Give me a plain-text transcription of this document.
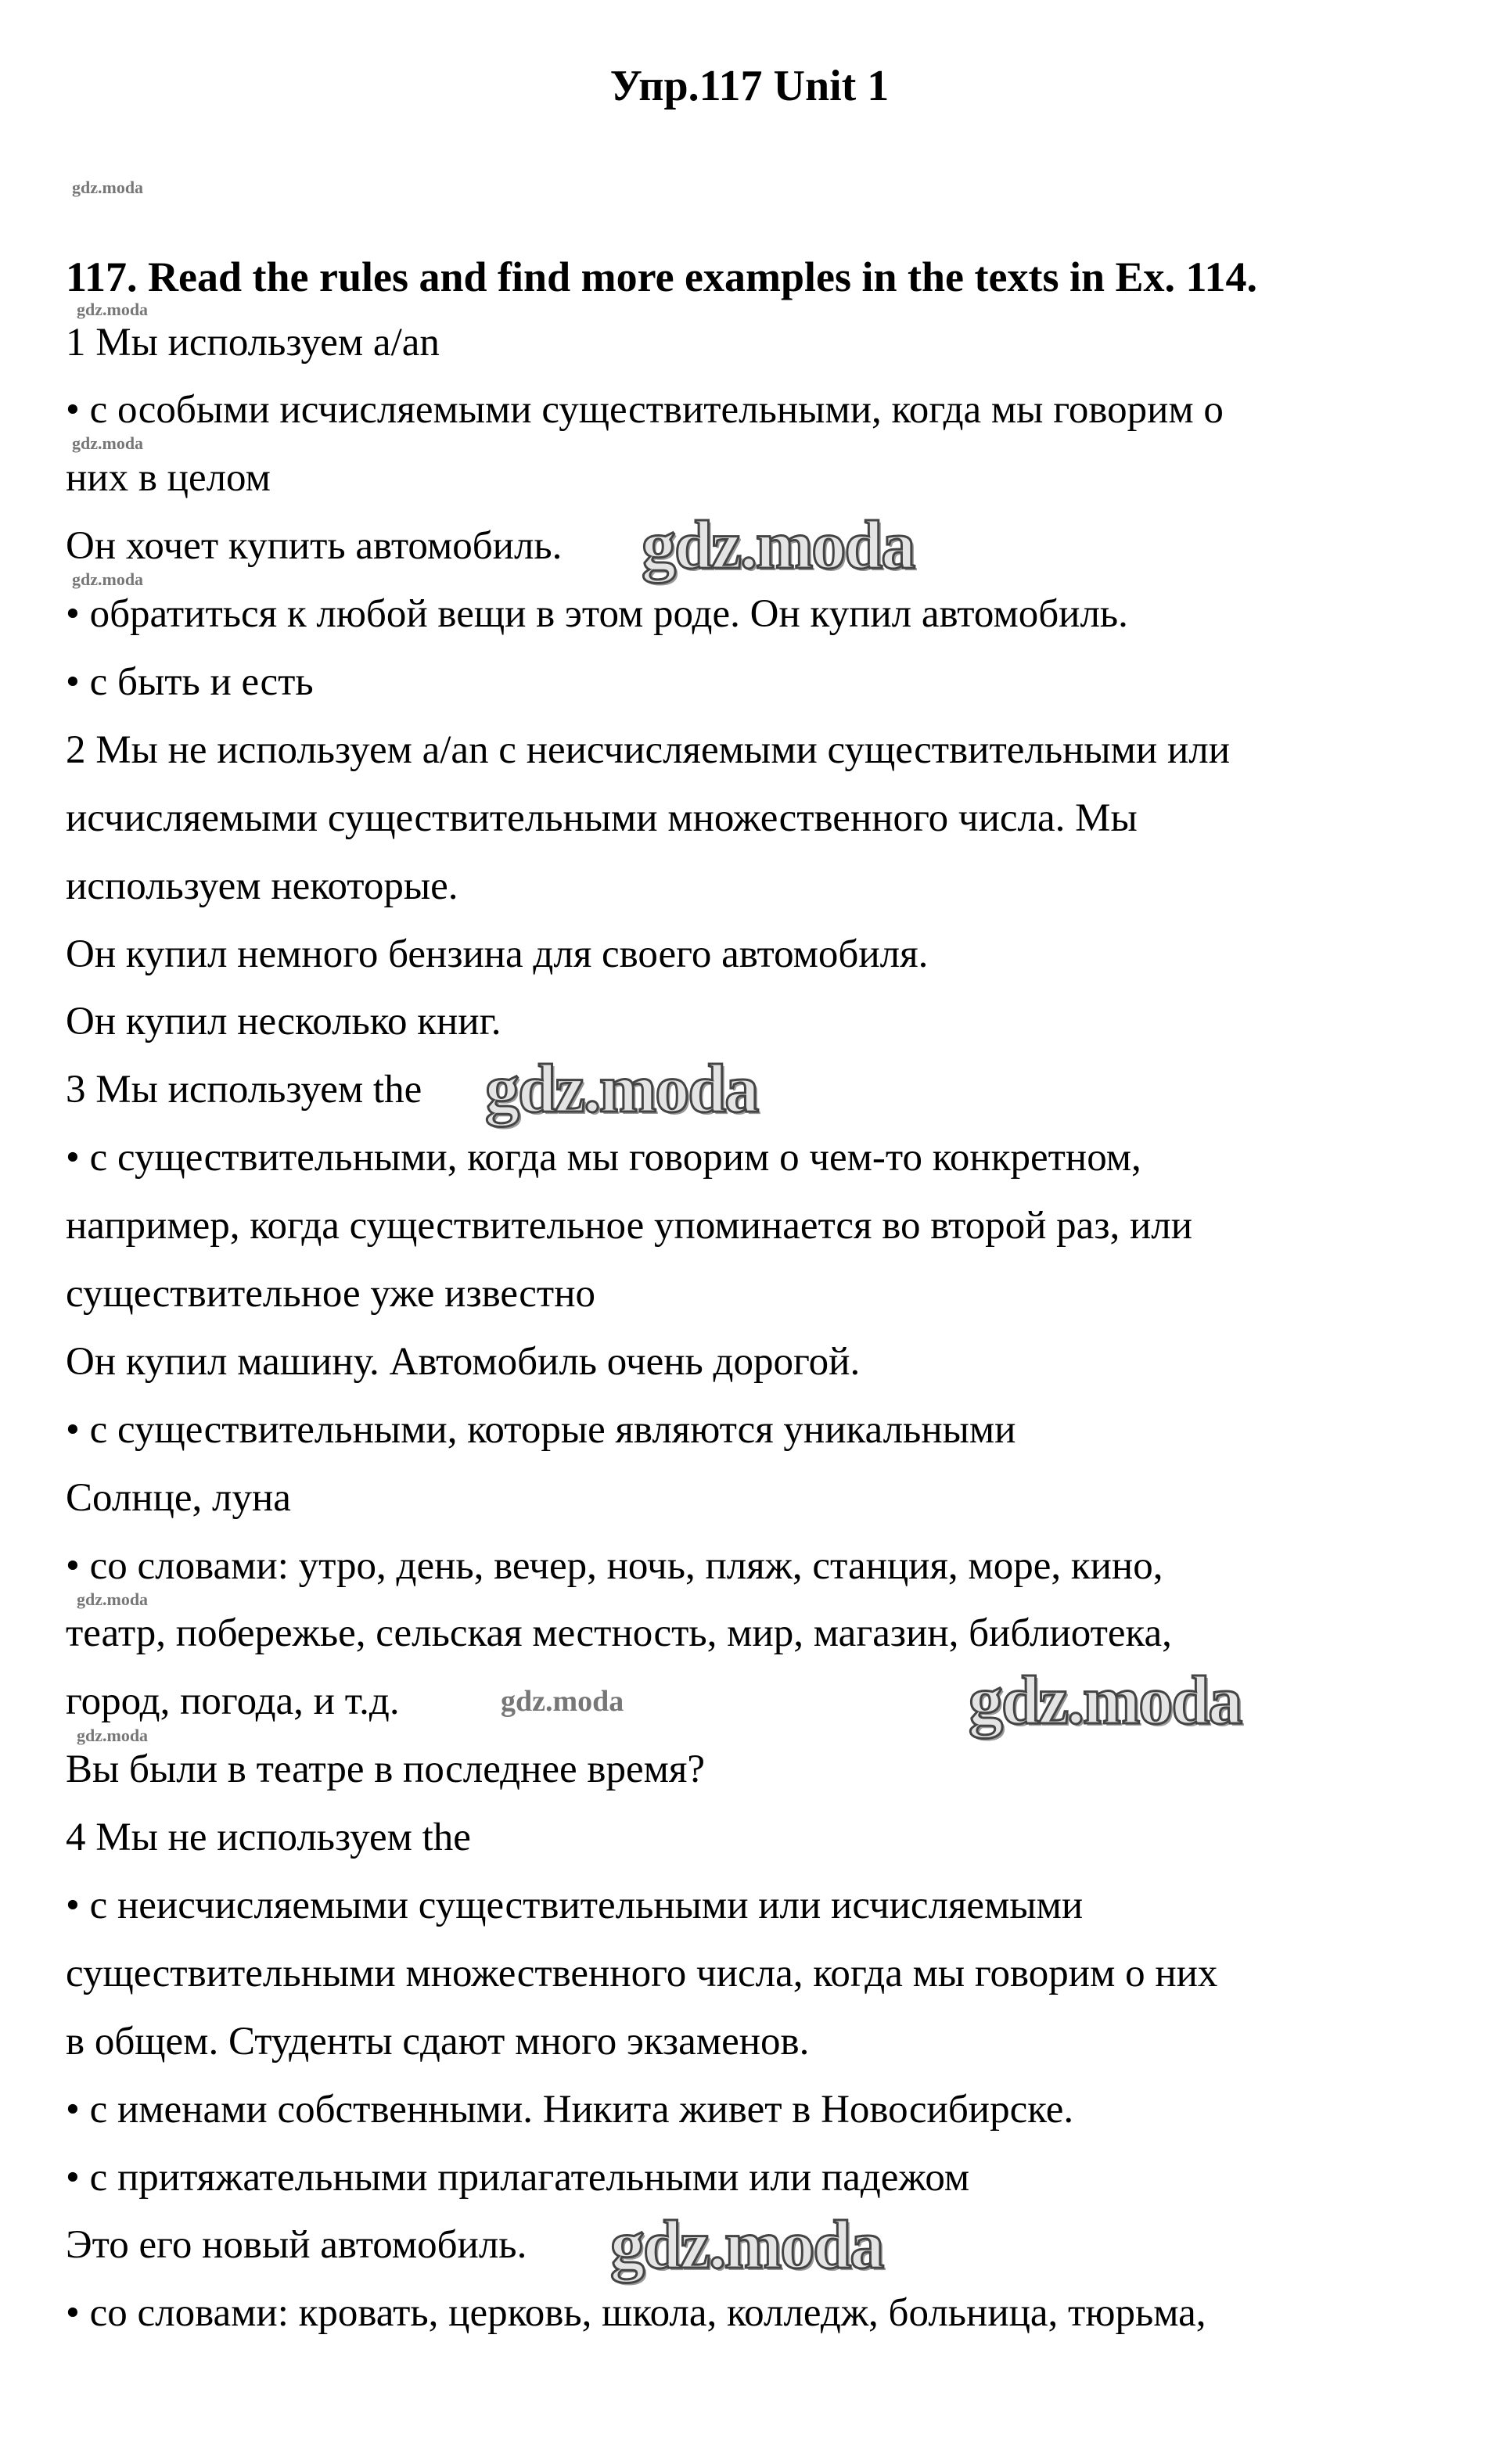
Упр.117 Unit 1
117. Read the rules and find more examples in the texts in Ex. 114.
1 Мы используем a/an
• с особыми исчисляемыми существительными, когда мы говорим о
них в целом
Он хочет купить автомобиль.
• обратиться к любой вещи в этом роде. Он купил автомобиль.
• с быть и есть
2 Мы не используем a/an с неисчисляемыми существительными или
исчисляемыми существительными множественного числа. Мы
используем некоторые.
Он купил немного бензина для своего автомобиля.
Он купил несколько книг.
3 Мы используем the
• с существительными, когда мы говорим о чем-то конкретном,
например, когда существительное упоминается во второй раз, или
существительное уже известно
Он купил машину. Автомобиль очень дорогой.
• с существительными, которые являются уникальными
Солнце, луна
• со словами: утро, день, вечер, ночь, пляж, станция, море, кино,
театр, побережье, сельская местность, мир, магазин, библиотека,
город, погода, и т.д.
Вы были в театре в последнее время?
4 Мы не используем the
• с неисчисляемыми существительными или исчисляемыми
существительными множественного числа, когда мы говорим о них
в общем. Студенты сдают много экзаменов.
• с именами собственными. Никита живет в Новосибирске.
• с притяжательными прилагательными или падежом
Это его новый автомобиль.
• со словами: кровать, церковь, школа, колледж, больница, тюрьма,
gdz.moda
gdz.moda
gdz.moda
gdz.moda
gdz.moda
gdz.moda
gdz.moda
gdz.moda
gdz.moda
gdz.moda
gdz.moda
